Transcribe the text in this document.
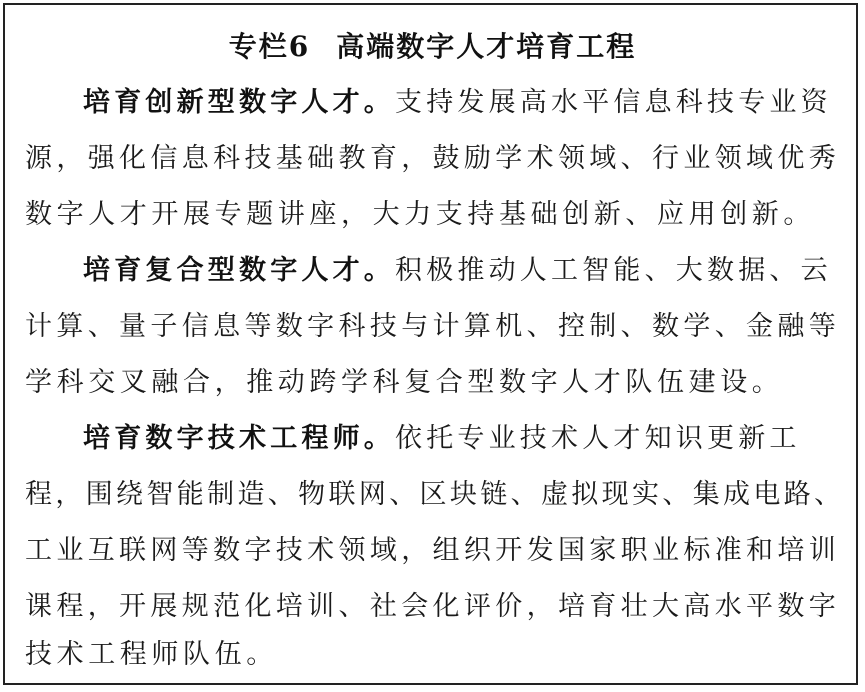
专栏6 高端数字人才培育工程
培育创新型数字人才。支持发展高水平信息科技专业资
源，强化信息科技基础教育，鼓励学术领域、行业领域优秀
数字人才开展专题讲座，大力支持基础创新、应用创新。
培育复合型数字人才。积极推动人工智能、大数据、云
计算、量子信息等数字科技与计算机、控制、数学、金融等
学科交叉融合，推动跨学科复合型数字人才队伍建设。
培育数字技术工程师。依托专业技术人才知识更新工
程，围绕智能制造、物联网、区块链、虚拟现实、集成电路、
工业互联网等数字技术领域，组织开发国家职业标准和培训
课程，开展规范化培训、社会化评价，培育壮大高水平数字
技术工程师队伍。
